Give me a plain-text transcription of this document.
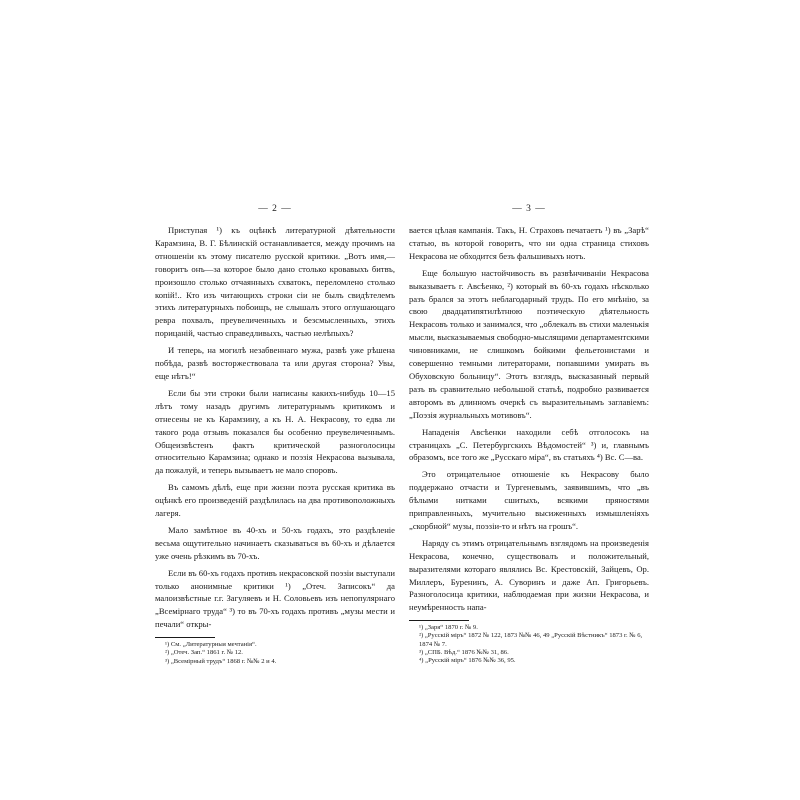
— 2 —

Приступая ¹) къ оцѣнкѣ литературной дѣятельности Карамзина, В. Г. Бѣлинскій останавливается, между прочимъ на отношеніи къ этому писателю русской критики. „Вотъ имя,—говоритъ онъ—за которое было дано столько кровавыхъ битвъ, произошло столько отчаянныхъ схватокъ, переломлено столько копій!.. Кто изъ читающихъ строки сіи не былъ свидѣтелемъ этихъ литературныхъ побоищъ, не слышалъ этого оглушающаго ревра похвалъ, преувеличенныхъ и безсмысленныхъ, этихъ порицаній, частью справедливыхъ, частью нелѣпыхъ?

И теперь, на могилѣ незабвеннаго мужа, развѣ уже рѣшена побѣда, развѣ восторжествовала та или другая сторона? Увы, еще нѣтъ!“

Если бы эти строки были написаны какихъ-нибудь 10—15 лѣтъ тому назадъ другимъ литературнымъ критикомъ и отнесены не къ Карамзину, а къ Н. А. Некрасову, то едва ли такого рода отзывъ показался бы особенно преувеличеннымъ. Общеизвѣстенъ фактъ критической разноголосицы относительно Карамзина; однако и поэзія Некрасова вызывала, да пожалуй, и теперь вызываетъ не мало споровъ.

Въ самомъ дѣлѣ, еще при жизни поэта русская критика въ оцѣнкѣ его произведеній раздѣлилась на два противоположныхъ лагеря.

Мало замѣтное въ 40-хъ и 50-хъ годахъ, это раздѣленіе весьма ощутительно начинаетъ сказываться въ 60-хъ и дѣлается уже очень рѣзкимъ въ 70-хъ.

Если въ 60-хъ годахъ противъ некрасовской поэзіи выступали только анонимные критики ¹) „Отеч. Записокъ“ да малоизвѣстные г.г. Загуляевъ и Н. Соловьевъ изъ непопулярнаго „Всемірнаго труда“ ³) то въ 70-хъ годахъ противъ „музы мести и печали“ откры-

¹) См. „Литературныя мечтанія“.

²) „Отеч. Зап.“ 1861 г. № 12.

³) „Всемірный трудъ“ 1868 г. №№ 2 и 4.

— 3 —

вается цѣлая кампанія. Такъ, Н. Страховъ печатаетъ ¹) въ „Зарѣ“ статью, въ которой говоритъ, что ни одна страница стиховъ Некрасова не обходится безъ фальшивыхъ нотъ.

Еще большую настойчивость въ развѣнчиваніи Некрасова выказываетъ г. Авсѣенко, ²) который въ 60-хъ годахъ нѣсколько разъ брался за этотъ неблагодарный трудъ. По его мнѣнію, за свою двадцатипятилѣтнюю поэтическую дѣятельность Некрасовъ только и занимался, что „облекалъ въ стихи маленькія мысли, высказываемыя свободно-мыслящими департаментскими чиновниками, не слишкомъ бойкими фельетонистами и совершенно темными литераторами, попавшими умирать въ Обуховскую больницу“. Этотъ взглядъ, высказанный первый разъ въ сравнительно небольшой статьѣ, подробно развивается авторомъ въ длинномъ очеркѣ съ выразительнымъ заглавіемъ: „Поэзія журнальныхъ мотивовъ“.

Нападенія Авсѣенки находили себѣ отголосокъ на страницахъ „С. Петербургскихъ Вѣдомостей“ ³) и, главнымъ образомъ, все того же „Русскаго міра“, въ статьяхъ ⁴) Вс. С—ва.

Это отрицательное отношеніе къ Некрасову было поддержано отчасти и Тургеневымъ, заявившимъ, что „въ бѣлыми нитками сшитыхъ, всякими пряностями приправленныхъ, мучительно высиженныхъ измышленіяхъ „скорбной“ музы, поэзіи-то и нѣтъ на грошъ“.

Наряду съ этимъ отрицательнымъ взглядомъ на произведенія Некрасова, конечно, существовалъ и положительный, выразителями котораго являлись Вс. Крестовскій, Зайцевъ, Ор. Миллеръ, Буренинъ, А. Суворинъ и даже Ап. Григорьевъ. Разноголосица критики, наблюдаемая при жизни Некрасова, и неумѣренность напа-

¹) „Заря“ 1870 г. № 9.

²) „Русскій міръ“ 1872 № 122, 1873 №№ 46, 49 „Русскій Вѣстникъ“ 1873 г. № 6, 1874 № 7.

³) „СПБ. Вѣд.“ 1876 №№ 31, 86.

⁴) „Русскій міръ“ 1876 №№ 36, 95.
